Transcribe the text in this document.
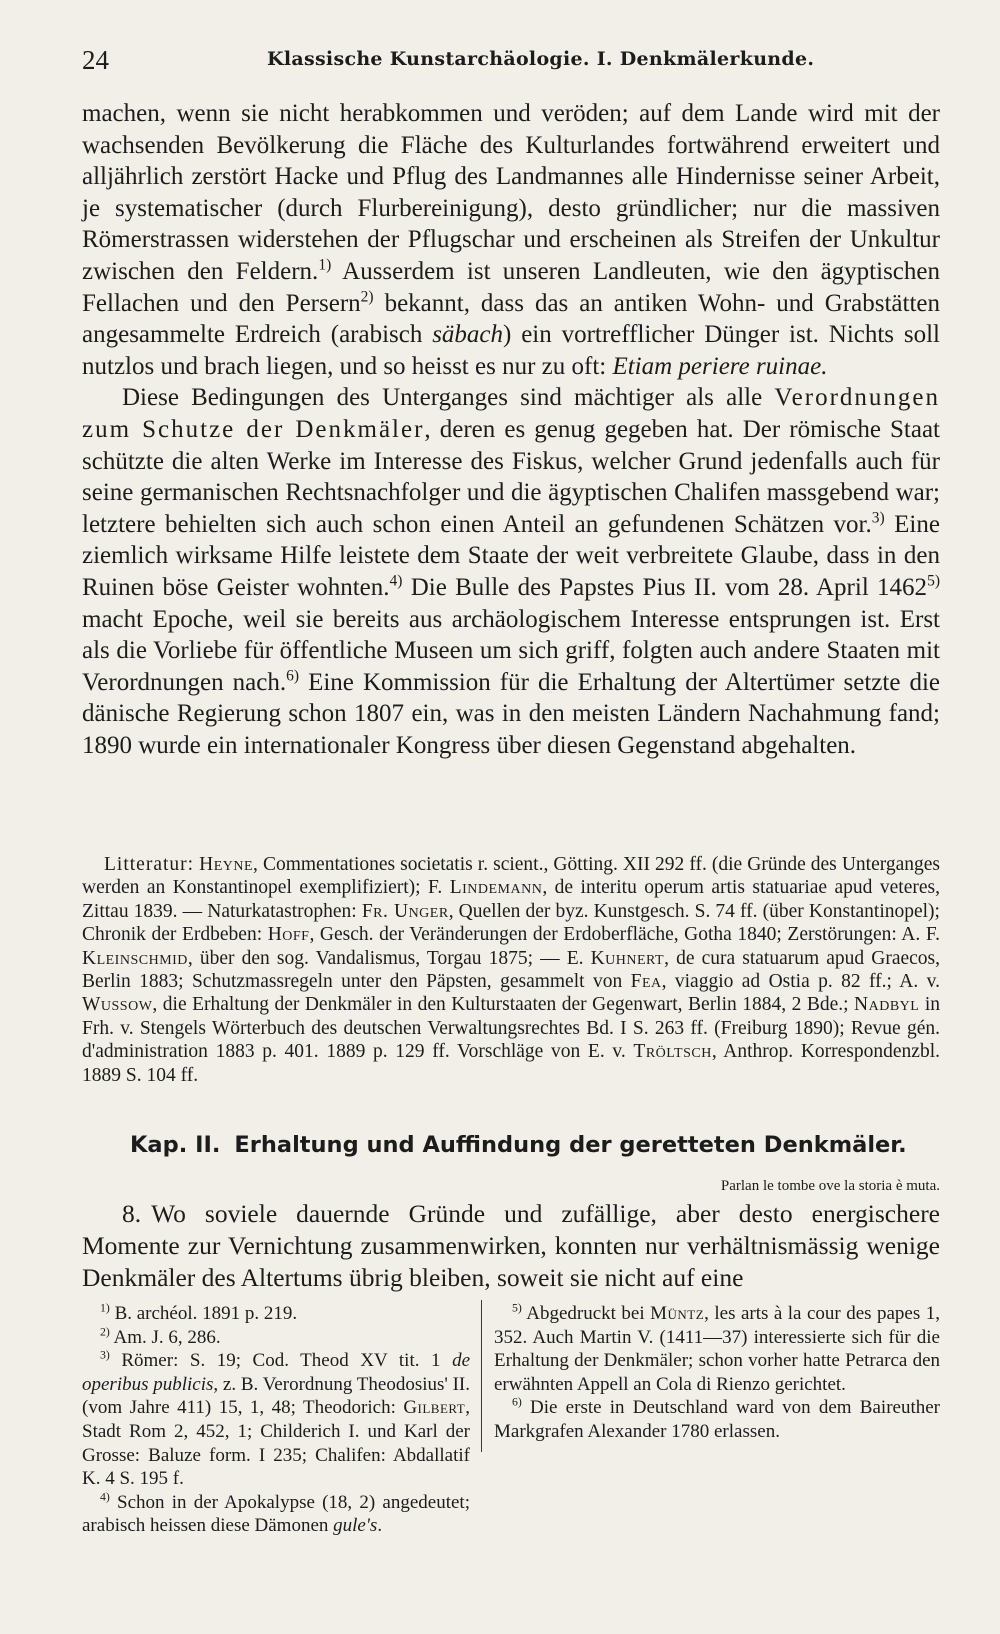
24	Klassische Kunstarchäologie. I. Denkmälerkunde.

machen, wenn sie nicht herabkommen und veröden; auf dem Lande wird mit der wachsenden Bevölkerung die Fläche des Kulturlandes fortwährend erweitert und alljährlich zerstört Hacke und Pflug des Landmannes alle Hindernisse seiner Arbeit, je systematischer (durch Flurbereinigung), desto gründlicher; nur die massiven Römerstrassen widerstehen der Pflugschar und erscheinen als Streifen der Unkultur zwischen den Feldern.$^{1)}$ Ausserdem ist unseren Landleuten, wie den ägyptischen Fellachen und den Persern$^{2)}$ bekannt, dass das an antiken Wohn- und Grabstätten angesammelte Erdreich (arabisch säbach) ein vortrefflicher Dünger ist. Nichts soll nutzlos und brach liegen, und so heisst es nur zu oft: Etiam periere ruinae.

Diese Bedingungen des Unterganges sind mächtiger als alle Verordnungen zum Schutze der Denkmäler, deren es genug gegeben hat. Der römische Staat schützte die alten Werke im Interesse des Fiskus, welcher Grund jedenfalls auch für seine germanischen Rechtsnachfolger und die ägyptischen Chalifen massgebend war; letztere behielten sich auch schon einen Anteil an gefundenen Schätzen vor.$^{3)}$ Eine ziemlich wirksame Hilfe leistete dem Staate der weit verbreitete Glaube, dass in den Ruinen böse Geister wohnten.$^{4)}$ Die Bulle des Papstes Pius II. vom 28. April 1462$^{5)}$ macht Epoche, weil sie bereits aus archäologischem Interesse entsprungen ist. Erst als die Vorliebe für öffentliche Museen um sich griff, folgten auch andere Staaten mit Verordnungen nach.$^{6)}$ Eine Kommission für die Erhaltung der Altertümer setzte die dänische Regierung schon 1807 ein, was in den meisten Ländern Nachahmung fand; 1890 wurde ein internationaler Kongress über diesen Gegenstand abgehalten.

Litteratur: Heyne, Commentationes societatis r. scient., Götting. XII 292 ff. (die Gründe des Unterganges werden an Konstantinopel exemplifiziert); F. Lindemann, de interitu operum artis statuariae apud veteres, Zittau 1839. — Naturkatastrophen: Fr. Unger, Quellen der byz. Kunstgesch. S. 74 ff. (über Konstantinopel); Chronik der Erdbeben: Hoff, Gesch. der Veränderungen der Erdoberfläche, Gotha 1840; Zerstörungen: A. F. Kleinschmid, über den sog. Vandalismus, Torgau 1875; — E. Kuhnert, de cura statuarum apud Graecos, Berlin 1883; Schutzmassregeln unter den Päpsten, gesammelt von Fea, viaggio ad Ostia p. 82 ff.; A. v. Wussow, die Erhaltung der Denkmäler in den Kulturstaaten der Gegenwart, Berlin 1884, 2 Bde.; Nadbyl in Frh. v. Stengels Wörterbuch des deutschen Verwaltungsrechtes Bd. I S. 263 ff. (Freiburg 1890); Revue gén. d'administration 1883 p. 401. 1889 p. 129 ff. Vorschläge von E. v. Tröltsch, Anthrop. Korrespondenzbl. 1889 S. 104 ff.

Kap. II. Erhaltung und Auffindung der geretteten Denkmäler.
Parlan le tombe ove la storia è muta.

8. Wo soviele dauernde Gründe und zufällige, aber desto energischere Momente zur Vernichtung zusammenwirken, konnten nur verhältnismässig wenige Denkmäler des Altertums übrig bleiben, soweit sie nicht auf eine

$^{1)}$ B. archéol. 1891 p. 219.

$^{2)}$ Am. J. 6, 286.

$^{3)}$ Römer: S. 19; Cod. Theod XV tit. 1 de operibus publicis, z. B. Verordnung Theodosius' II. (vom Jahre 411) 15, 1, 48; Theodorich: Gilbert, Stadt Rom 2, 452, 1; Childerich I. und Karl der Grosse: Baluze form. I 235; Chalifen: Abdallatif K. 4 S. 195 f.

$^{4)}$ Schon in der Apokalypse (18, 2) angedeutet; arabisch heissen diese Dämonen gule's.

$^{5)}$ Abgedruckt bei Müntz, les arts à la cour des papes 1, 352. Auch Martin V. (1411—37) interessierte sich für die Erhaltung der Denkmäler; schon vorher hatte Petrarca den erwähnten Appell an Cola di Rienzo gerichtet.

$^{6)}$ Die erste in Deutschland ward von dem Baireuther Markgrafen Alexander 1780 erlassen.
